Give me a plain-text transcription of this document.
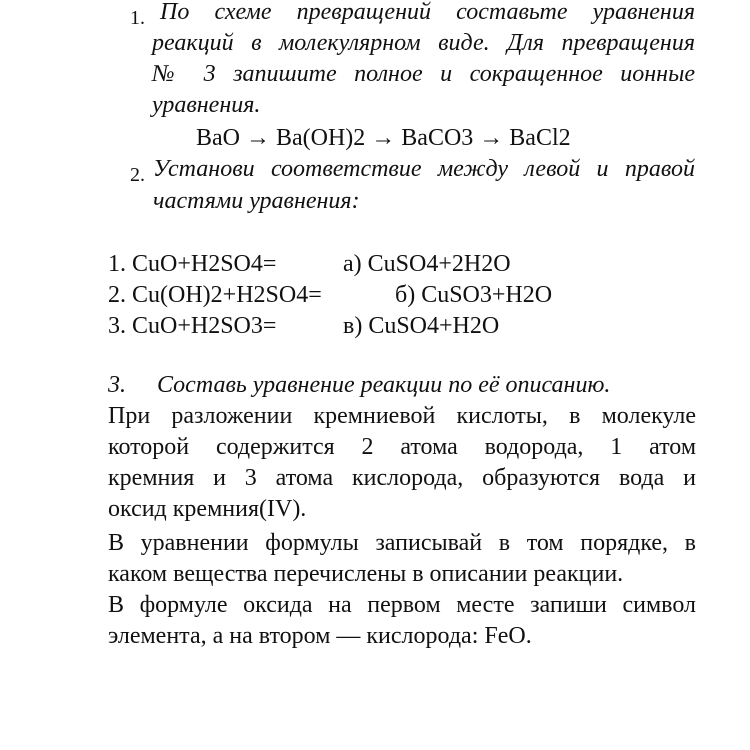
1. По схеме превращений составьте уравнения
реакций в молекулярном виде. Для превращения
№ 3 запишите полное и сокращенное ионные
уравнения.
BaO → Ba(OH)2 → BaCO3 → BaCl2
2. Установи соответствие между левой и правой
частями уравнения:
1. CuO+H2SO4=	а) CuSO4+2H2O
2. Cu(OH)2+H2SO4=	б) CuSO3+H2O
3. CuO+H2SO3=	в) CuSO4+H2O
3. Составь уравнение реакции по её описанию.
При разложении кремниевой кислоты, в молекуле
которой содержится 2 атома водорода, 1 атом
кремния и 3 атома кислорода, образуются вода и
оксид кремния(IV).
В уравнении формулы записывай в том порядке, в
каком вещества перечислены в описании реакции.
В формуле оксида на первом месте запиши символ
элемента, а на втором — кислорода: FeO.
